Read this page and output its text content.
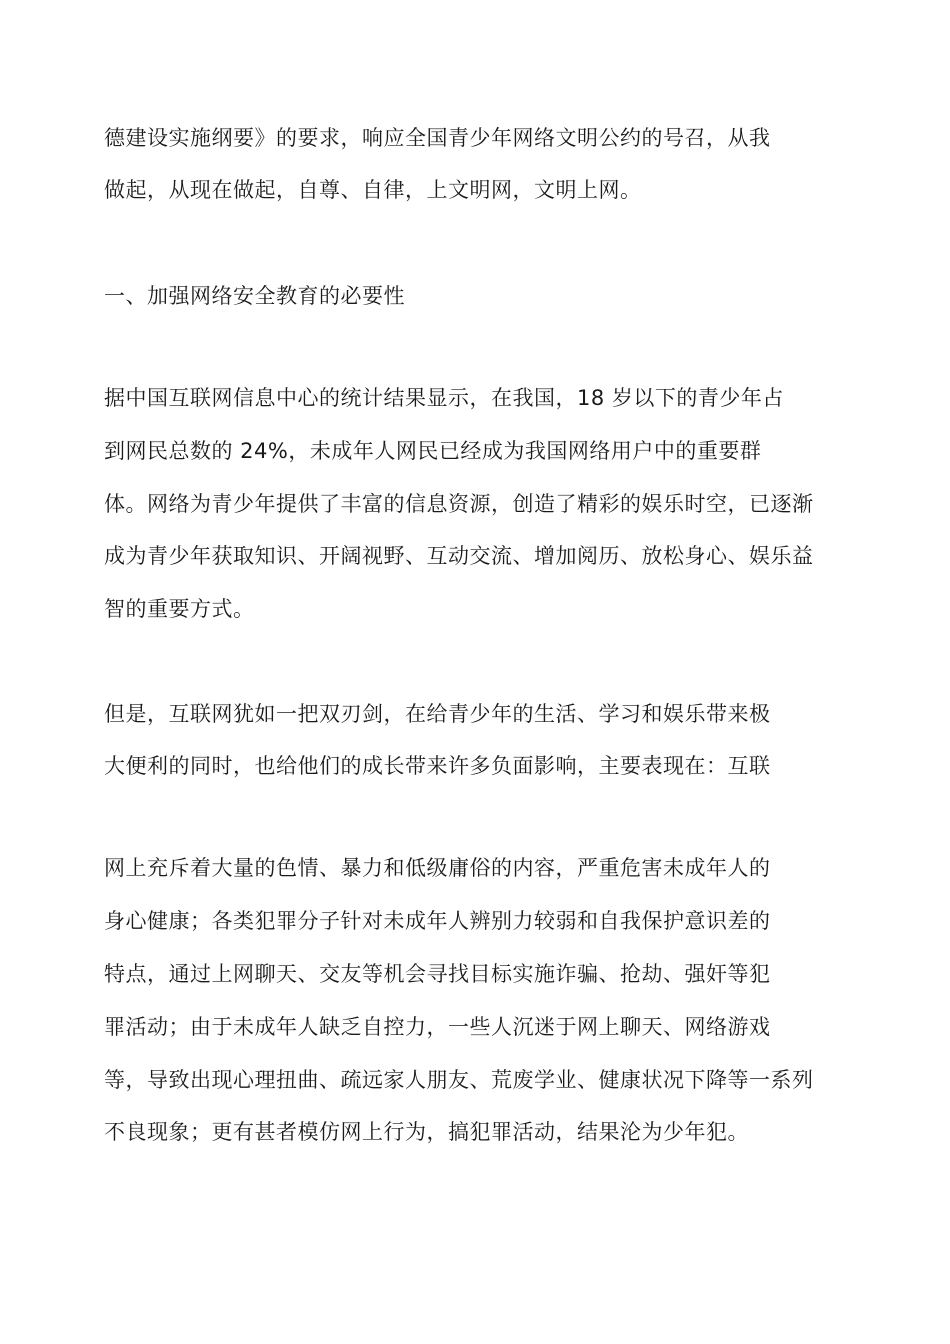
德建设实施纲要》的要求，响应全国青少年网络文明公约的号召，从我
做起，从现在做起，自尊、自律，上文明网，文明上网。
一、加强网络安全教育的必要性
据中国互联网信息中心的统计结果显示，在我国，18 岁以下的青少年占
到网民总数的 24%，未成年人网民已经成为我国网络用户中的重要群
体。网络为青少年提供了丰富的信息资源，创造了精彩的娱乐时空，已逐渐
成为青少年获取知识、开阔视野、互动交流、增加阅历、放松身心、娱乐益
智的重要方式。
但是，互联网犹如一把双刃剑，在给青少年的生活、学习和娱乐带来极
大便利的同时，也给他们的成长带来许多负面影响，主要表现在：互联
网上充斥着大量的色情、暴力和低级庸俗的内容，严重危害未成年人的
身心健康；各类犯罪分子针对未成年人辨别力较弱和自我保护意识差的
特点，通过上网聊天、交友等机会寻找目标实施诈骗、抢劫、强奸等犯
罪活动；由于未成年人缺乏自控力，一些人沉迷于网上聊天、网络游戏
等，导致出现心理扭曲、疏远家人朋友、荒废学业、健康状况下降等一系列
不良现象；更有甚者模仿网上行为，搞犯罪活动，结果沦为少年犯。
